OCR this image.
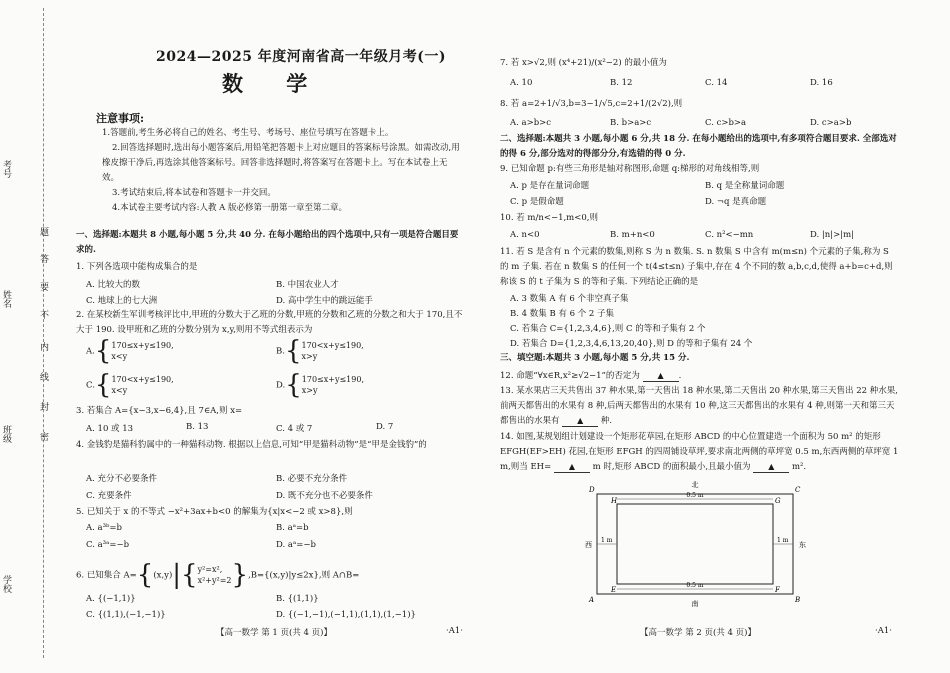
考号
姓名
班级
学校
题
答
要
不
内
线
封
密
2024—2025 年度河南省高一年级月考(一)
数 学
注意事项:
1.答题前,考生务必将自己的姓名、考生号、考场号、座位号填写在答题卡上。
2.回答选择题时,选出每小题答案后,用铅笔把答题卡上对应题目的答案标号涂黑。如需改动,用橡皮擦干净后,再选涂其他答案标号。回答非选择题时,将答案写在答题卡上。写在本试卷上无效。
3.考试结束后,将本试卷和答题卡一并交回。
4.本试卷主要考试内容:人教 A 版必修第一册第一章至第二章。
一、选择题:本题共 8 小题,每小题 5 分,共 40 分. 在每小题给出的四个选项中,只有一项是符合题目要求的.
1. 下列各选项中能构成集合的是
A. 比较大的数	B. 中国农业人才
C. 地球上的七大洲	D. 高中学生中的跳远能手
2. 在某校新生军训考核评比中,甲班的分数大于乙班的分数,甲班的分数和乙班的分数之和大于 170,且不大于 190. 设甲班和乙班的分数分别为 x,y,则用不等式组表示为
A.{170≤x+y≤190,
x<y	B.{170<x+y≤190,
x>y
C.{170<x+y≤190,
x<y	D.{170≤x+y≤190,
x>y
3. 若集合 A={x−3,x−6,4},且 7∈A,则 x=
A. 10 或 13	B. 13	C. 4 或 7	D. 7
4. 金钱豹是猫科豹属中的一种猫科动物. 根据以上信息,可知“甲是猫科动物”是“甲是金钱豹”的
A. 充分不必要条件	B. 必要不充分条件
C. 充要条件	D. 既不充分也不必要条件
5. 已知关于 x 的不等式 −x²+3ax+b<0 的解集为{x|x<−2 或 x>8},则
A. a³ᵇ=b	B. aᵃ=b
C. a³ᵃ=−b	D. aᵃ=−b
6. 已知集合 A={(x,y)|{y²=x²,
x²+y²=2},B={(x,y)|y≤2x},则 A∩B=
A. {(−1,1)}	B. {(1,1)}
C. {(1,1),(−1,−1)}	D. {(−1,−1),(−1,1),(1,1),(1,−1)}
【高一数学 第 1 页(共 4 页)】	·A1·
7. 若 x>√2,则 (x⁴+21)/(x²−2) 的最小值为
A. 10	B. 12	C. 14	D. 16
8. 若 a=2+1/√3,b=3−1/√5,c=2+1/(2√2),则
A. a>b>c	B. b>a>c	C. c>b>a	D. c>a>b
二、选择题:本题共 3 小题,每小题 6 分,共 18 分. 在每小题给出的选项中,有多项符合题目要求. 全部选对的得 6 分,部分选对的得部分分,有选错的得 0 分.
9. 已知命题 p:有些三角形是轴对称图形,命题 q:梯形的对角线相等,则
A. p 是存在量词命题	B. q 是全称量词命题
C. p 是假命题	D. ¬q 是真命题
10. 若 m/n<−1,m<0,则
A. n<0	B. m+n<0	C. n²<−mn	D. |n|>|m|
11. 若 S 是含有 n 个元素的数集,则称 S 为 n 数集. S. n 数集 S 中含有 m(m≤n) 个元素的子集,称为 S 的 m 子集. 若在 n 数集 S 的任何一个 t(4≤t≤n) 子集中,存在 4 个不同的数 a,b,c,d,使得 a+b=c+d,则称该 S 的 t 子集为 S 的等和子集. 下列结论正确的是
A. 3 数集 A 有 6 个非空真子集
B. 4 数集 B 有 6 个 2 子集
C. 若集合 C={1,2,3,4,6},则 C 的等和子集有 2 个
D. 若集合 D={1,2,3,4,6,13,20,40},则 D 的等和子集有 24 个
三、填空题:本题共 3 小题,每小题 5 分,共 15 分.
12. 命题“∀x∈R,x²≥√2−1”的否定为 ▲ .
13. 某水果店三天共售出 37 种水果,第一天售出 18 种水果,第二天售出 20 种水果,第三天售出 22 种水果,前两天都售出的水果有 8 种,后两天都售出的水果有 10 种,这三天都售出的水果有 4 种,则第一天和第三天都售出的水果有 ▲ 种.
14. 如图,某规划组计划建设一个矩形花草园,在矩形 ABCD 的中心位置建造一个面积为 50 m² 的矩形 EFGH(EF>EH) 花园,在矩形 EFGH 的四周铺设草坪,要求南北两侧的草坪宽 0.5 m,东西两侧的草坪宽 1 m,则当 EH= ▲ m 时,矩形 ABCD 的面积最小,且最小值为 ▲ m².
北
南
西	东
0.5 m
0.5 m
1 m	1 m
A	B
C
D
E	F
G
H
【高一数学 第 2 页(共 4 页)】	·A1·
